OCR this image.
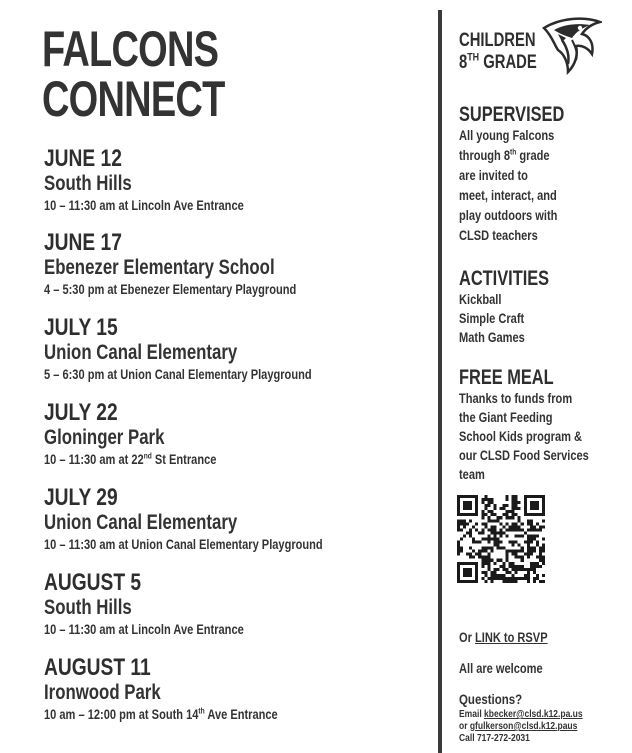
FALCONS
CONNECT
JUNE 12
South Hills
10 – 11:30 am at Lincoln Ave Entrance
JUNE 17
Ebenezer Elementary School
4 – 5:30 pm at Ebenezer Elementary Playground
JULY 15
Union Canal Elementary
5 – 6:30 pm at Union Canal Elementary Playground
JULY 22
Gloninger Park
10 – 11:30 am at 22nd St Entrance
JULY 29
Union Canal Elementary
10 – 11:30 am at Union Canal Elementary Playground
AUGUST 5
South Hills
10 – 11:30 am at Lincoln Ave Entrance
AUGUST 11
Ironwood Park
10 am – 12:00 pm at South 14th Ave Entrance
CHILDREN
8TH GRADE
SUPERVISED
All young Falcons
through 8th grade
are invited to
meet, interact, and
play outdoors with
CLSD teachers
ACTIVITIES
Kickball
Simple Craft
Math Games
FREE MEAL
Thanks to funds from
the Giant Feeding
School Kids program &
our CLSD Food Services
team
Or LINK to RSVP
All are welcome
Questions?
Email kbecker@clsd.k12.pa.us
or gfulkerson@clsd.k12.paus
Call 717-272-2031
